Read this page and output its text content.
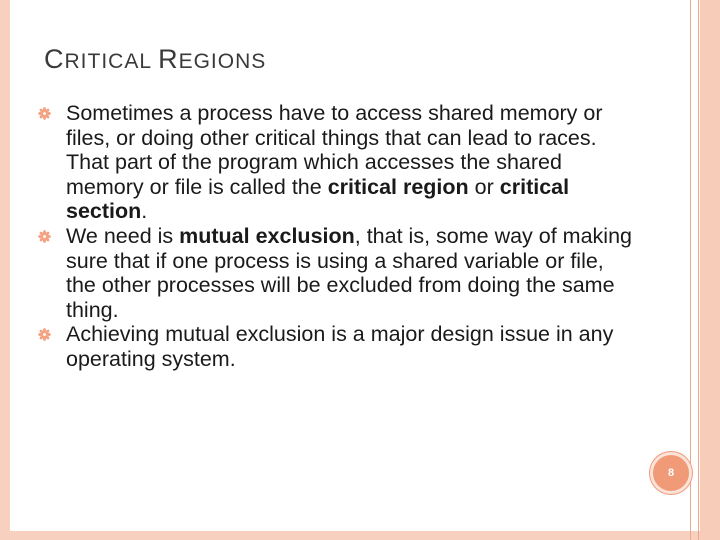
CRITICAL REGIONS
Sometimes a process have to access shared memory or files, or doing other critical things that can lead to races. That part of the program which accesses the shared memory or file is called the critical region or critical section.
We need is mutual exclusion, that is, some way of making sure that if one process is using a shared variable or file, the other processes will be excluded from doing the same thing.
Achieving mutual exclusion is a major design issue in any operating system.
8
